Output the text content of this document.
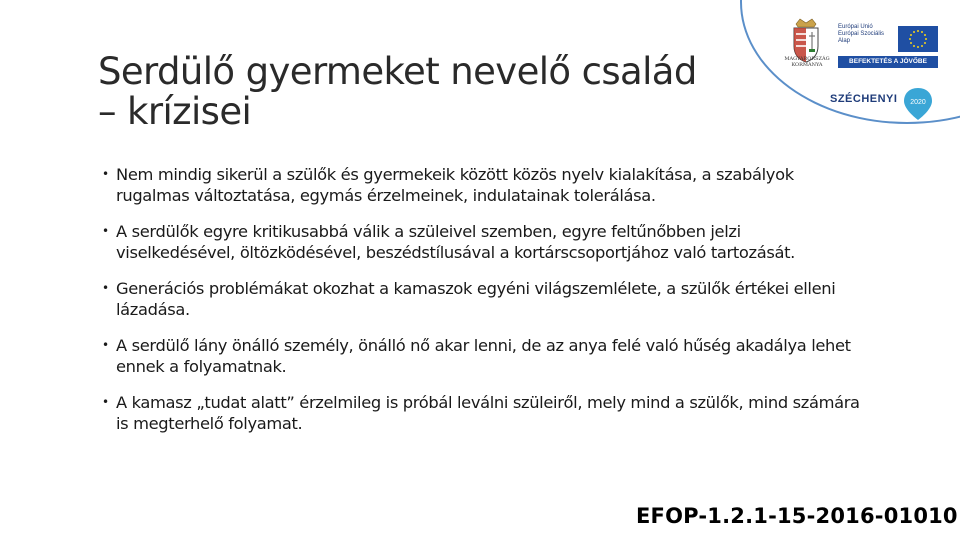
MAGYARORSZÁG KORMÁNYA
Európai Unió Európai Szociális Alap
BEFEKTETÉS A JÖVŐBE
SZÉCHENYI 2020
Serdülő gyermeket nevelő család
– krízisei
• Nem mindig sikerül a szülők és gyermekeik között közös nyelv kialakítása, a szabályok rugalmas változtatása, egymás érzelmeinek, indulatainak tolerálása.
• A serdülők egyre kritikusabbá válik a szüleivel szemben, egyre feltűnőbben jelzi viselkedésével, öltözködésével, beszédstílusával a kortárscsoportjához való tartozását.
• Generációs problémákat okozhat a kamaszok egyéni világszemlélete, a szülők értékei elleni lázadása.
• A serdülő lány önálló személy, önálló nő akar lenni, de az anya felé való hűség akadálya lehet ennek a folyamatnak.
• A kamasz „tudat alatt” érzelmileg is próbál leválni szüleiről, mely mind a szülők, mind számára is megterhelő folyamat.
EFOP-1.2.1-15-2016-01010
